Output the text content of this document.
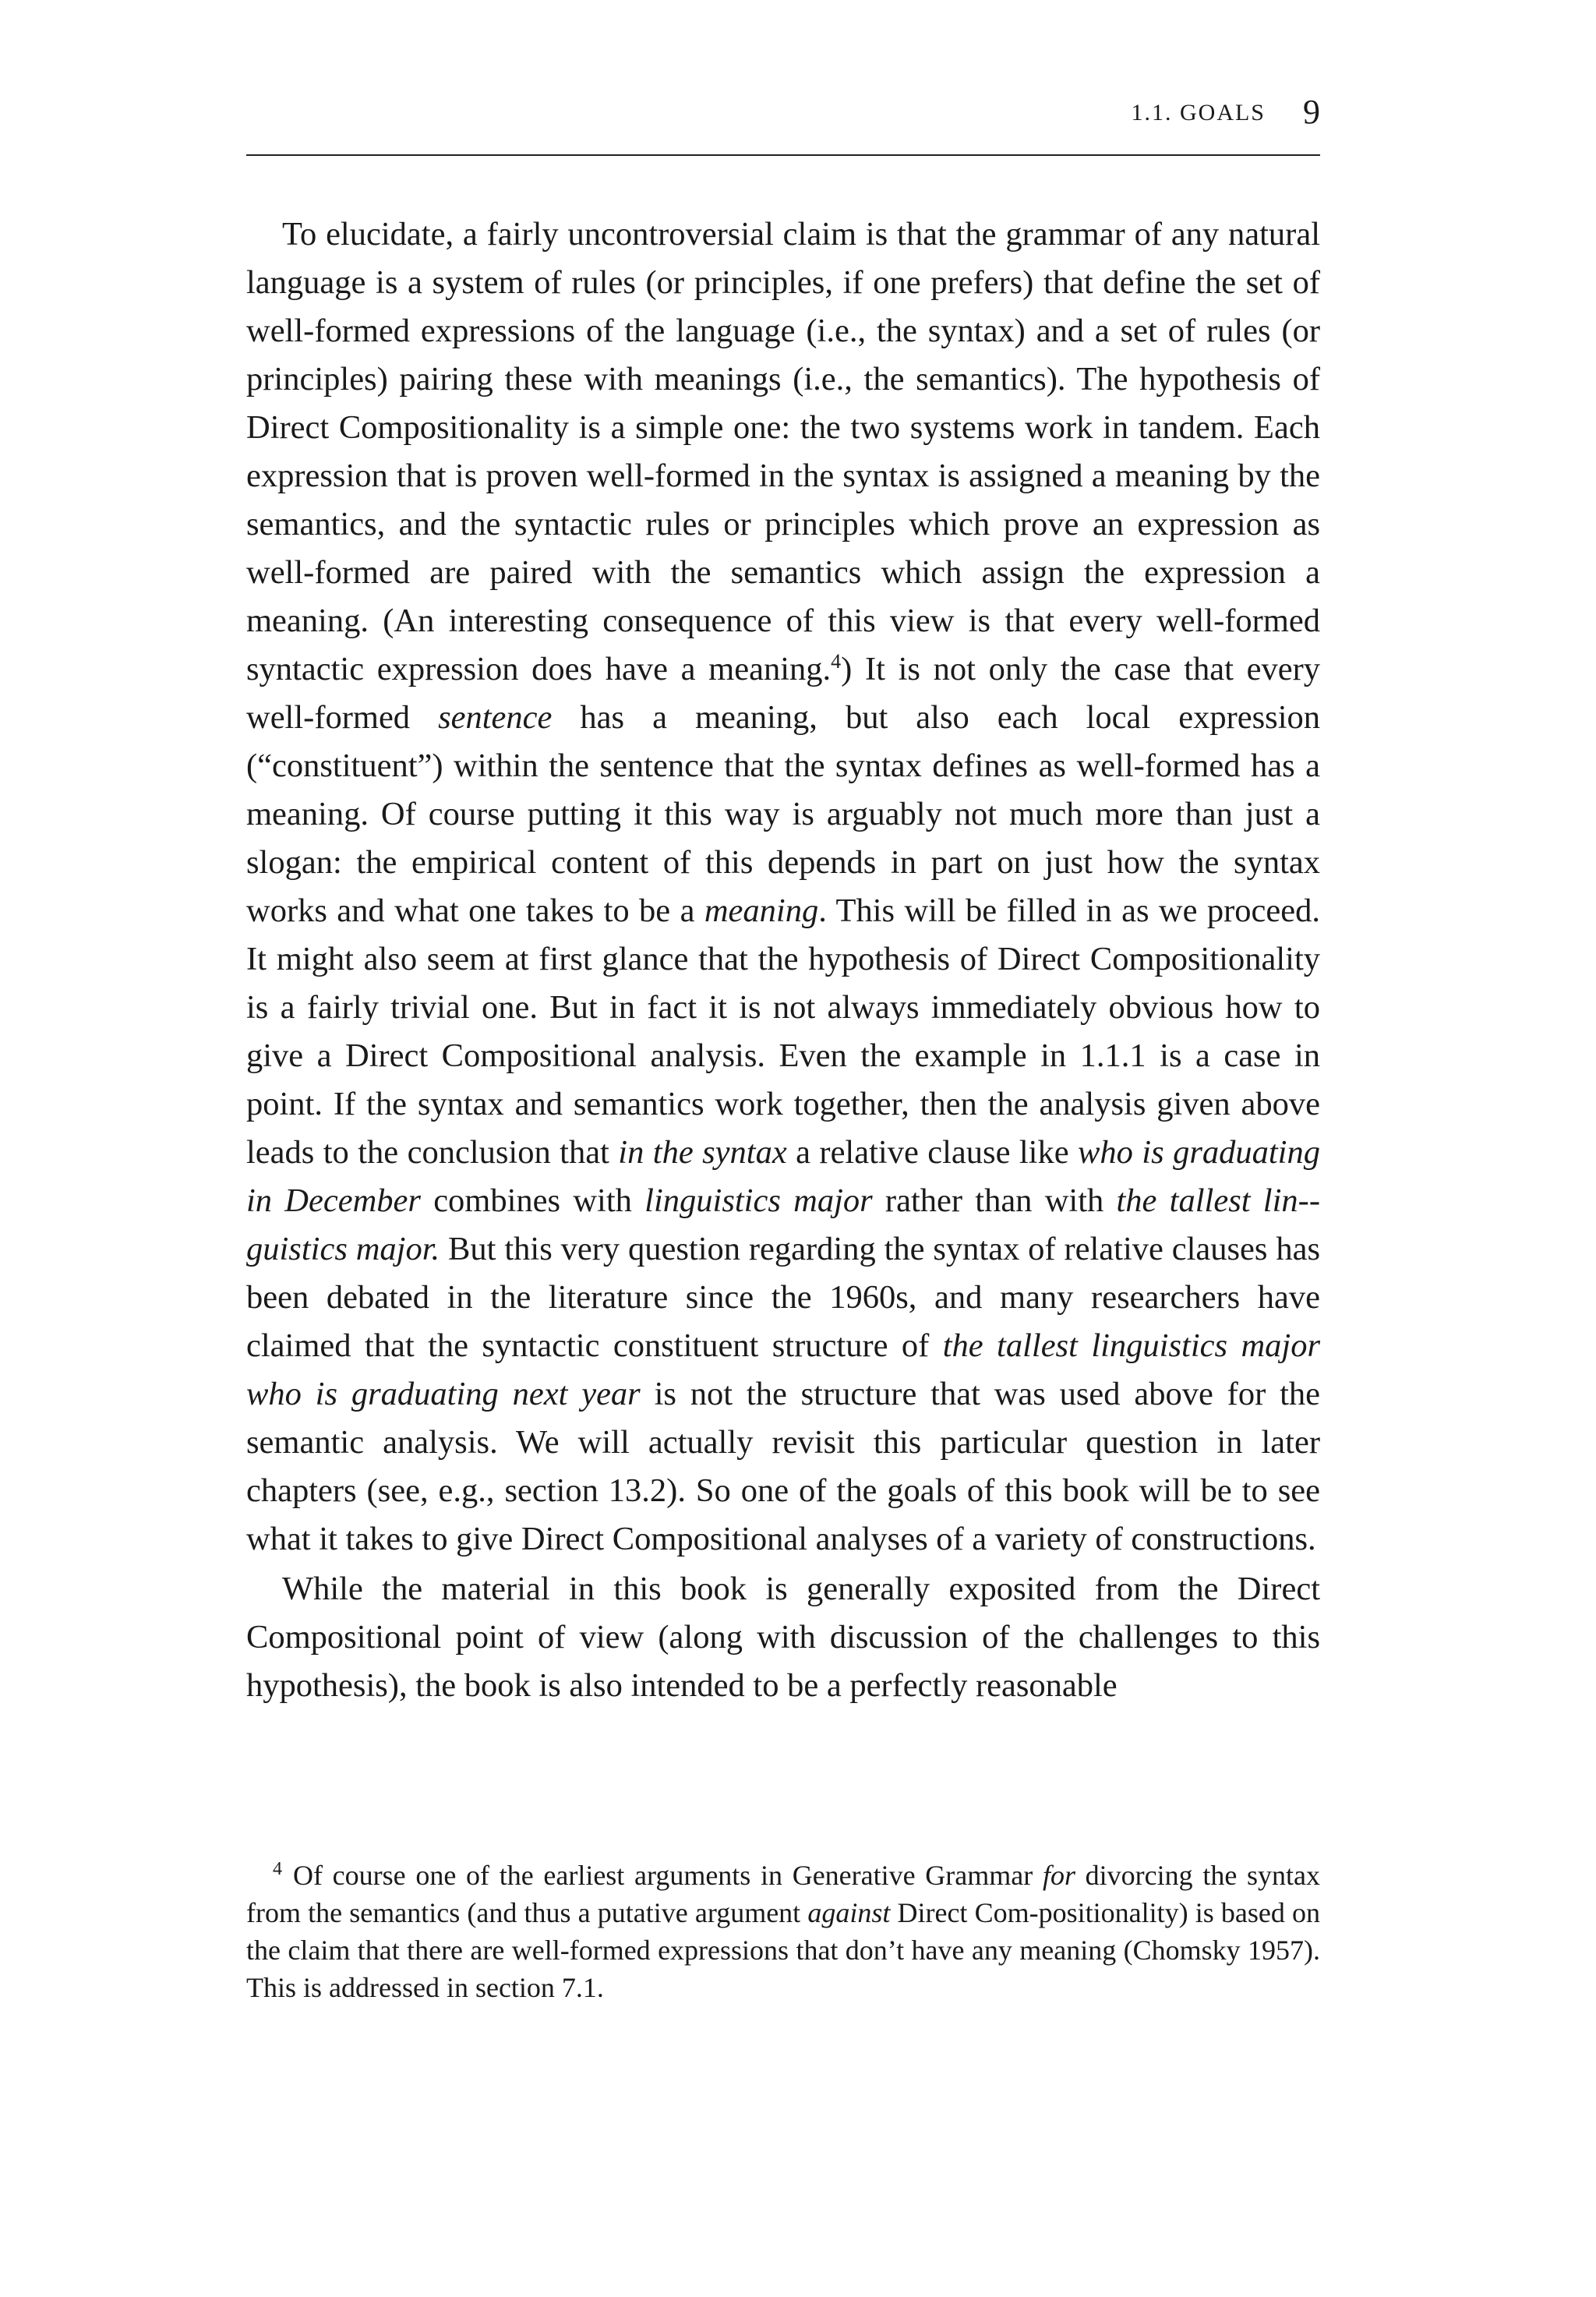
1.1. GOALS 9

To elucidate, a fairly uncontroversial claim is that the grammar of any natural language is a system of rules (or principles, if one prefers) that define the set of well-formed expressions of the language (i.e., the syntax) and a set of rules (or principles) pairing these with meanings (i.e., the semantics). The hypothesis of Direct Compositionality is a simple one: the two systems work in tandem. Each expression that is proven well-formed in the syntax is assigned a meaning by the semantics, and the syntactic rules or principles which prove an expression as well-formed are paired with the semantics which assign the expression a meaning. (An interesting consequence of this view is that every well-formed syntactic expression does have a meaning.$^4$) It is not only the case that every well-formed sentence has a meaning, but also each local expression (“constituent”) within the sentence that the syntax defines as well-formed has a meaning. Of course putting it this way is arguably not much more than just a slogan: the empirical content of this depends in part on just how the syntax works and what one takes to be a meaning. This will be filled in as we proceed. It might also seem at first glance that the hypothesis of Direct Compositionality is a fairly trivial one. But in fact it is not always immediately obvious how to give a Direct Compositional analysis. Even the example in 1.1.1 is a case in point. If the syntax and semantics work together, then the analysis given above leads to the conclusion that in the syntax a relative clause like who is graduating in December combines with linguistics major rather than with the tallest lin-guistics major. But this very question regarding the syntax of relative clauses has been debated in the literature since the 1960s, and many researchers have claimed that the syntactic constituent structure of the tallest linguistics major who is graduating next year is not the structure that was used above for the semantic analysis. We will actually revisit this particular question in later chapters (see, e.g., section 13.2). So one of the goals of this book will be to see what it takes to give Direct Compositional analyses of a variety of constructions.

While the material in this book is generally exposited from the Direct Compositional point of view (along with discussion of the challenges to this hypothesis), the book is also intended to be a perfectly reasonable

$^4$ Of course one of the earliest arguments in Generative Grammar for divorcing the syntax from the semantics (and thus a putative argument against Direct Com-positionality) is based on the claim that there are well-formed expressions that don’t have any meaning (Chomsky 1957). This is addressed in section 7.1.
